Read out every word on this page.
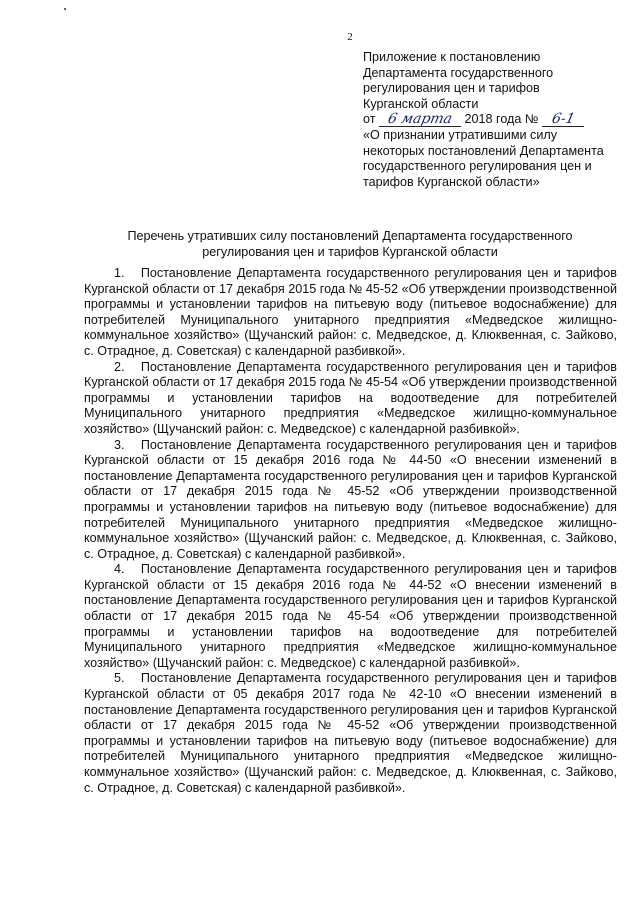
2
Приложение к постановлению
Департамента государственного
регулирования цен и тарифов
Курганской области
от 6 марта 2018 года № 6-1
«О признании утратившими силу
некоторых постановлений Департамента
государственного регулирования цен и
тарифов Курганской области»
Перечень утративших силу постановлений Департамента государственного
регулирования цен и тарифов Курганской области

1.   Постановление Департамента государственного регулирования цен и тарифов Курганской области от 17 декабря 2015 года № 45-52 «Об утверждении производственной программы и установлении тарифов на питьевую воду (питьевое водоснабжение) для потребителей Муниципального унитарного предприятия «Медведское жилищно-коммунальное хозяйство» (Щучанский район: с. Медведское, д. Клюквенная, с. Зайково, с. Отрадное, д. Советская) с календарной разбивкой».

2.   Постановление Департамента государственного регулирования цен и тарифов Курганской области от 17 декабря 2015 года № 45-54 «Об утверждении производственной программы и установлении тарифов на водоотведение для потребителей Муниципального унитарного предприятия «Медведское жилищно-коммунальное хозяйство» (Щучанский район: с. Медведское) с календарной разбивкой».

3.   Постановление Департамента государственного регулирования цен и тарифов Курганской области от 15 декабря 2016 года № 44-50 «О внесении изменений в постановление Департамента государственного регулирования цен и тарифов Курганской области от 17 декабря 2015 года № 45-52 «Об утверждении производственной программы и установлении тарифов на питьевую воду (питьевое водоснабжение) для потребителей Муниципального унитарного предприятия «Медведское жилищно-коммунальное хозяйство» (Щучанский район: с. Медведское, д. Клюквенная, с. Зайково, с. Отрадное, д. Советская) с календарной разбивкой».

4.   Постановление Департамента государственного регулирования цен и тарифов Курганской области от 15 декабря 2016 года № 44-52 «О внесении изменений в постановление Департамента государственного регулирования цен и тарифов Курганской области от 17 декабря 2015 года № 45-54 «Об утверждении производственной программы и установлении тарифов на водоотведение для потребителей Муниципального унитарного предприятия «Медведское жилищно-коммунальное хозяйство» (Щучанский район: с. Медведское) с календарной разбивкой».

5.   Постановление Департамента государственного регулирования цен и тарифов Курганской области от 05 декабря 2017 года № 42-10 «О внесении изменений в постановление Департамента государственного регулирования цен и тарифов Курганской области от 17 декабря 2015 года № 45-52 «Об утверждении производственной программы и установлении тарифов на питьевую воду (питьевое водоснабжение) для потребителей Муниципального унитарного предприятия «Медведское жилищно-коммунальное хозяйство» (Щучанский район: с. Медведское, д. Клюквенная, с. Зайково, с. Отрадное, д. Советская) с календарной разбивкой».
